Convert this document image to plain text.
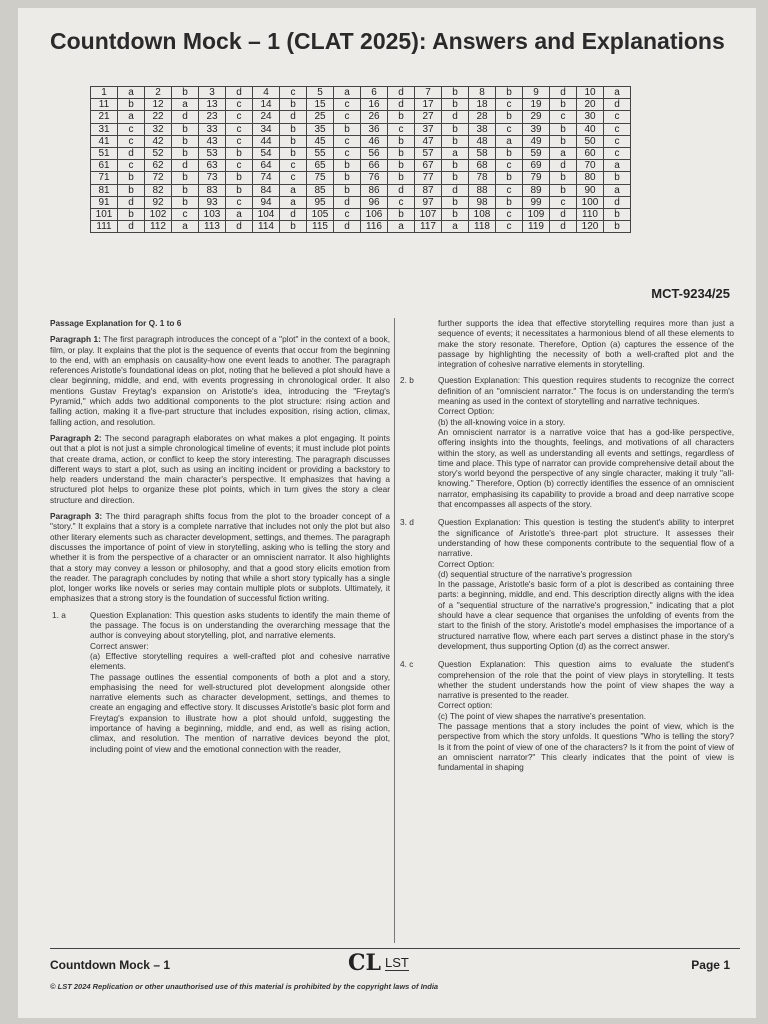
Countdown Mock – 1 (CLAT 2025): Answers and Explanations
1	a	2	b	3	d	4	c	5	a	6	d	7	b	8	b	9	d	10	a
11	b	12	a	13	c	14	b	15	c	16	d	17	b	18	c	19	b	20	d
21	a	22	d	23	c	24	d	25	c	26	b	27	d	28	b	29	c	30	c
31	c	32	b	33	c	34	b	35	b	36	c	37	b	38	c	39	b	40	c
41	c	42	b	43	c	44	b	45	c	46	b	47	b	48	a	49	b	50	c
51	d	52	b	53	b	54	b	55	c	56	b	57	a	58	b	59	a	60	c
61	c	62	d	63	c	64	c	65	b	66	b	67	b	68	c	69	d	70	a
71	b	72	b	73	b	74	c	75	b	76	b	77	b	78	b	79	b	80	b
81	b	82	b	83	b	84	a	85	b	86	d	87	d	88	c	89	b	90	a
91	d	92	b	93	c	94	a	95	d	96	c	97	b	98	b	99	c	100	d
101	b	102	c	103	a	104	d	105	c	106	b	107	b	108	c	109	d	110	b
111	d	112	a	113	d	114	b	115	d	116	a	117	a	118	c	119	d	120	b
MCT-9234/25

Passage Explanation for Q. 1 to 6

Paragraph 1: The first paragraph introduces the concept of a "plot" in the context of a book, film, or play. It explains that the plot is the sequence of events that occur from the beginning to the end, with an emphasis on causality-how one event leads to another. The paragraph references Aristotle's foundational ideas on plot, noting that he believed a plot should have a clear beginning, middle, and end, with events progressing in chronological order. It also mentions Gustav Freytag's expansion on Aristotle's idea, introducing the "Freytag's Pyramid," which adds two additional components to the plot structure: rising action and falling action, making it a five-part structure that includes exposition, rising action, climax, falling action, and resolution.

Paragraph 2: The second paragraph elaborates on what makes a plot engaging. It points out that a plot is not just a simple chronological timeline of events; it must include plot points that create drama, action, or conflict to keep the story interesting. The paragraph discusses different ways to start a plot, such as using an inciting incident or providing a backstory to help readers understand the main character's perspective. It emphasizes that having a structured plot helps to organize these plot points, which in turn gives the story a clear structure and direction.

Paragraph 3: The third paragraph shifts focus from the plot to the broader concept of a "story." It explains that a story is a complete narrative that includes not only the plot but also other literary elements such as character development, settings, and themes. The paragraph discusses the importance of point of view in storytelling, asking who is telling the story and whether it is from the perspective of a character or an omniscient narrator. It also highlights that a story may convey a lesson or philosophy, and that a good story elicits emotion from the reader. The paragraph concludes by noting that while a short story typically has a single plot, longer works like novels or series may contain multiple plots or subplots. Ultimately, it emphasizes that a strong story is the foundation of successful fiction writing.

1. a	Question Explanation: This question asks students to identify the main theme of the passage. The focus is on understanding the overarching message that the author is conveying about storytelling, plot, and narrative elements.
Correct answer:
(a) Effective storytelling requires a well-crafted plot and cohesive narrative elements.
The passage outlines the essential components of both a plot and a story, emphasising the need for well-structured plot development alongside other narrative elements such as character development, settings, and themes to create an engaging and effective story. It discusses Aristotle's basic plot form and Freytag's expansion to illustrate how a plot should unfold, suggesting the importance of having a beginning, middle, and end, as well as rising action, climax, and resolution. The mention of narrative devices beyond the plot, including point of view and the emotional connection with the reader,

further supports the idea that effective storytelling requires more than just a sequence of events; it necessitates a harmonious blend of all these elements to make the story resonate. Therefore, Option (a) captures the essence of the passage by highlighting the necessity of both a well-crafted plot and the integration of cohesive narrative elements in storytelling.

2. b	Question Explanation: This question requires students to recognize the correct definition of an "omniscient narrator." The focus is on understanding the term's meaning as used in the context of storytelling and narrative techniques.
Correct Option:
(b) the all-knowing voice in a story.
An omniscient narrator is a narrative voice that has a god-like perspective, offering insights into the thoughts, feelings, and motivations of all characters within the story, as well as understanding all events and settings, regardless of time and place. This type of narrator can provide comprehensive detail about the story's world beyond the perspective of any single character, making it truly "all-knowing." Therefore, Option (b) correctly identifies the essence of an omniscient narrator, emphasising its capability to provide a broad and deep narrative scope that encompasses all aspects of the story.
3. d	Question Explanation: This question is testing the student's ability to interpret the significance of Aristotle's three-part plot structure. It assesses their understanding of how these components contribute to the sequential flow of a narrative.
Correct Option:
(d) sequential structure of the narrative's progression
In the passage, Aristotle's basic form of a plot is described as containing three parts: a beginning, middle, and end. This description directly aligns with the idea of a "sequential structure of the narrative's progression," indicating that a plot should have a clear sequence that organises the unfolding of events from the start to the finish of the story. Aristotle's model emphasises the importance of a structured narrative flow, where each part serves a distinct phase in the story's development, thus supporting Option (d) as the correct answer.
4. c	Question Explanation: This question aims to evaluate the student's comprehension of the role that the point of view plays in storytelling. It tests whether the student understands how the point of view shapes the way a narrative is presented to the reader.
Correct option:
(c) The point of view shapes the narrative's presentation.
The passage mentions that a story includes the point of view, which is the perspective from which the story unfolds. It questions "Who is telling the story? Is it from the point of view of one of the characters? Is it from the point of view of an omniscient narrator?" This clearly indicates that the point of view is fundamental in shaping
Countdown Mock – 1	CL LST	Page 1
© LST 2024 Replication or other unauthorised use of this material is prohibited by the copyright laws of India
